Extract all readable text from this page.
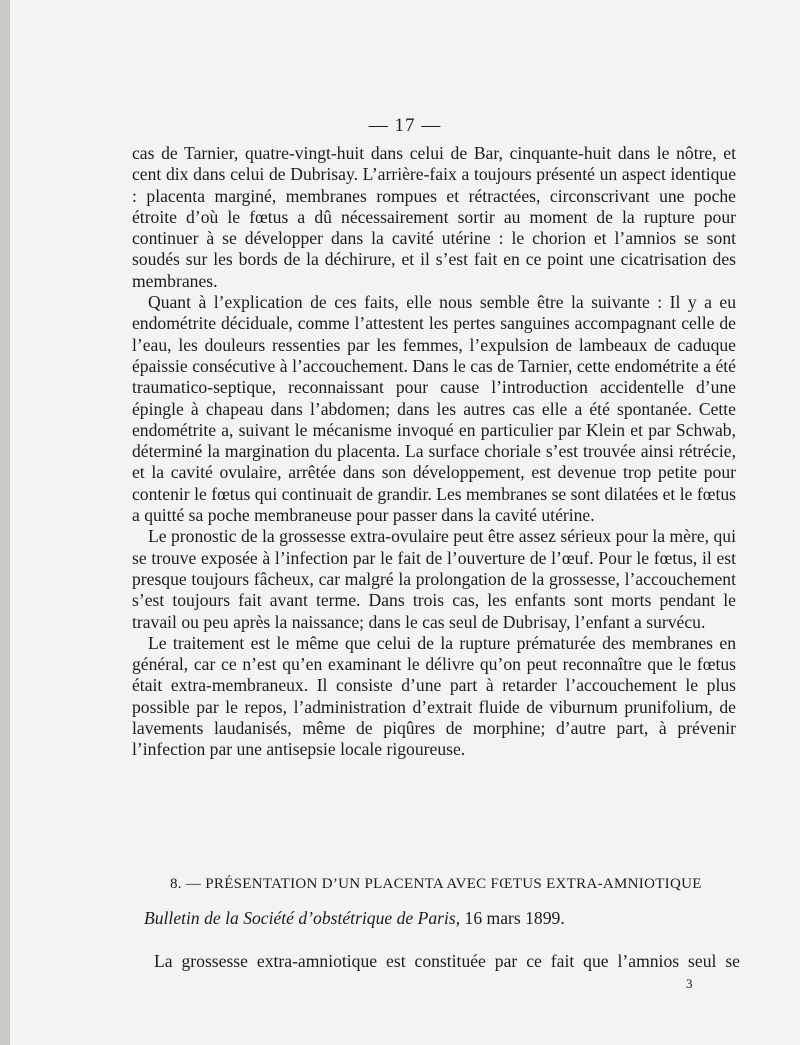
— 17 —

cas de Tarnier, quatre-vingt-huit dans celui de Bar, cinquante-huit dans le nôtre, et cent dix dans celui de Dubrisay. L’arrière-faix a toujours présenté un aspect identique : placenta marginé, membranes rompues et rétractées, circonscrivant une poche étroite d’où le fœtus a dû nécessairement sortir au moment de la rupture pour continuer à se développer dans la cavité utérine : le chorion et l’amnios se sont soudés sur les bords de la déchirure, et il s’est fait en ce point une cicatrisation des membranes.

Quant à l’explication de ces faits, elle nous semble être la suivante : Il y a eu endométrite déciduale, comme l’attestent les pertes sanguines accompagnant celle de l’eau, les douleurs ressenties par les femmes, l’expulsion de lambeaux de caduque épaissie consécutive à l’accouchement. Dans le cas de Tarnier, cette endométrite a été traumatico-septique, reconnaissant pour cause l’introduction accidentelle d’une épingle à chapeau dans l’abdomen; dans les autres cas elle a été spontanée. Cette endométrite a, suivant le mécanisme invoqué en particulier par Klein et par Schwab, déterminé la margination du placenta. La surface choriale s’est trouvée ainsi rétrécie, et la cavité ovulaire, arrêtée dans son développement, est devenue trop petite pour contenir le fœtus qui continuait de grandir. Les membranes se sont dilatées et le fœtus a quitté sa poche membraneuse pour passer dans la cavité utérine.

Le pronostic de la grossesse extra-ovulaire peut être assez sérieux pour la mère, qui se trouve exposée à l’infection par le fait de l’ouverture de l’œuf. Pour le fœtus, il est presque toujours fâcheux, car malgré la prolongation de la grossesse, l’accouchement s’est toujours fait avant terme. Dans trois cas, les enfants sont morts pendant le travail ou peu après la naissance; dans le cas seul de Dubrisay, l’enfant a survécu.

Le traitement est le même que celui de la rupture prématurée des membranes en général, car ce n’est qu’en examinant le délivre qu’on peut reconnaître que le fœtus était extra-membraneux. Il consiste d’une part à retarder l’accouchement le plus possible par le repos, l’administration d’extrait fluide de viburnum prunifolium, de lavements laudanisés, même de piqûres de morphine; d’autre part, à prévenir l’infection par une antisepsie locale rigoureuse.

8. — PRÉSENTATION D’UN PLACENTA AVEC FŒTUS EXTRA-AMNIOTIQUE
Bulletin de la Société d’obstétrique de Paris, 16 mars 1899.
La grossesse extra-amniotique est constituée par ce fait que l’amnios seul se
3
